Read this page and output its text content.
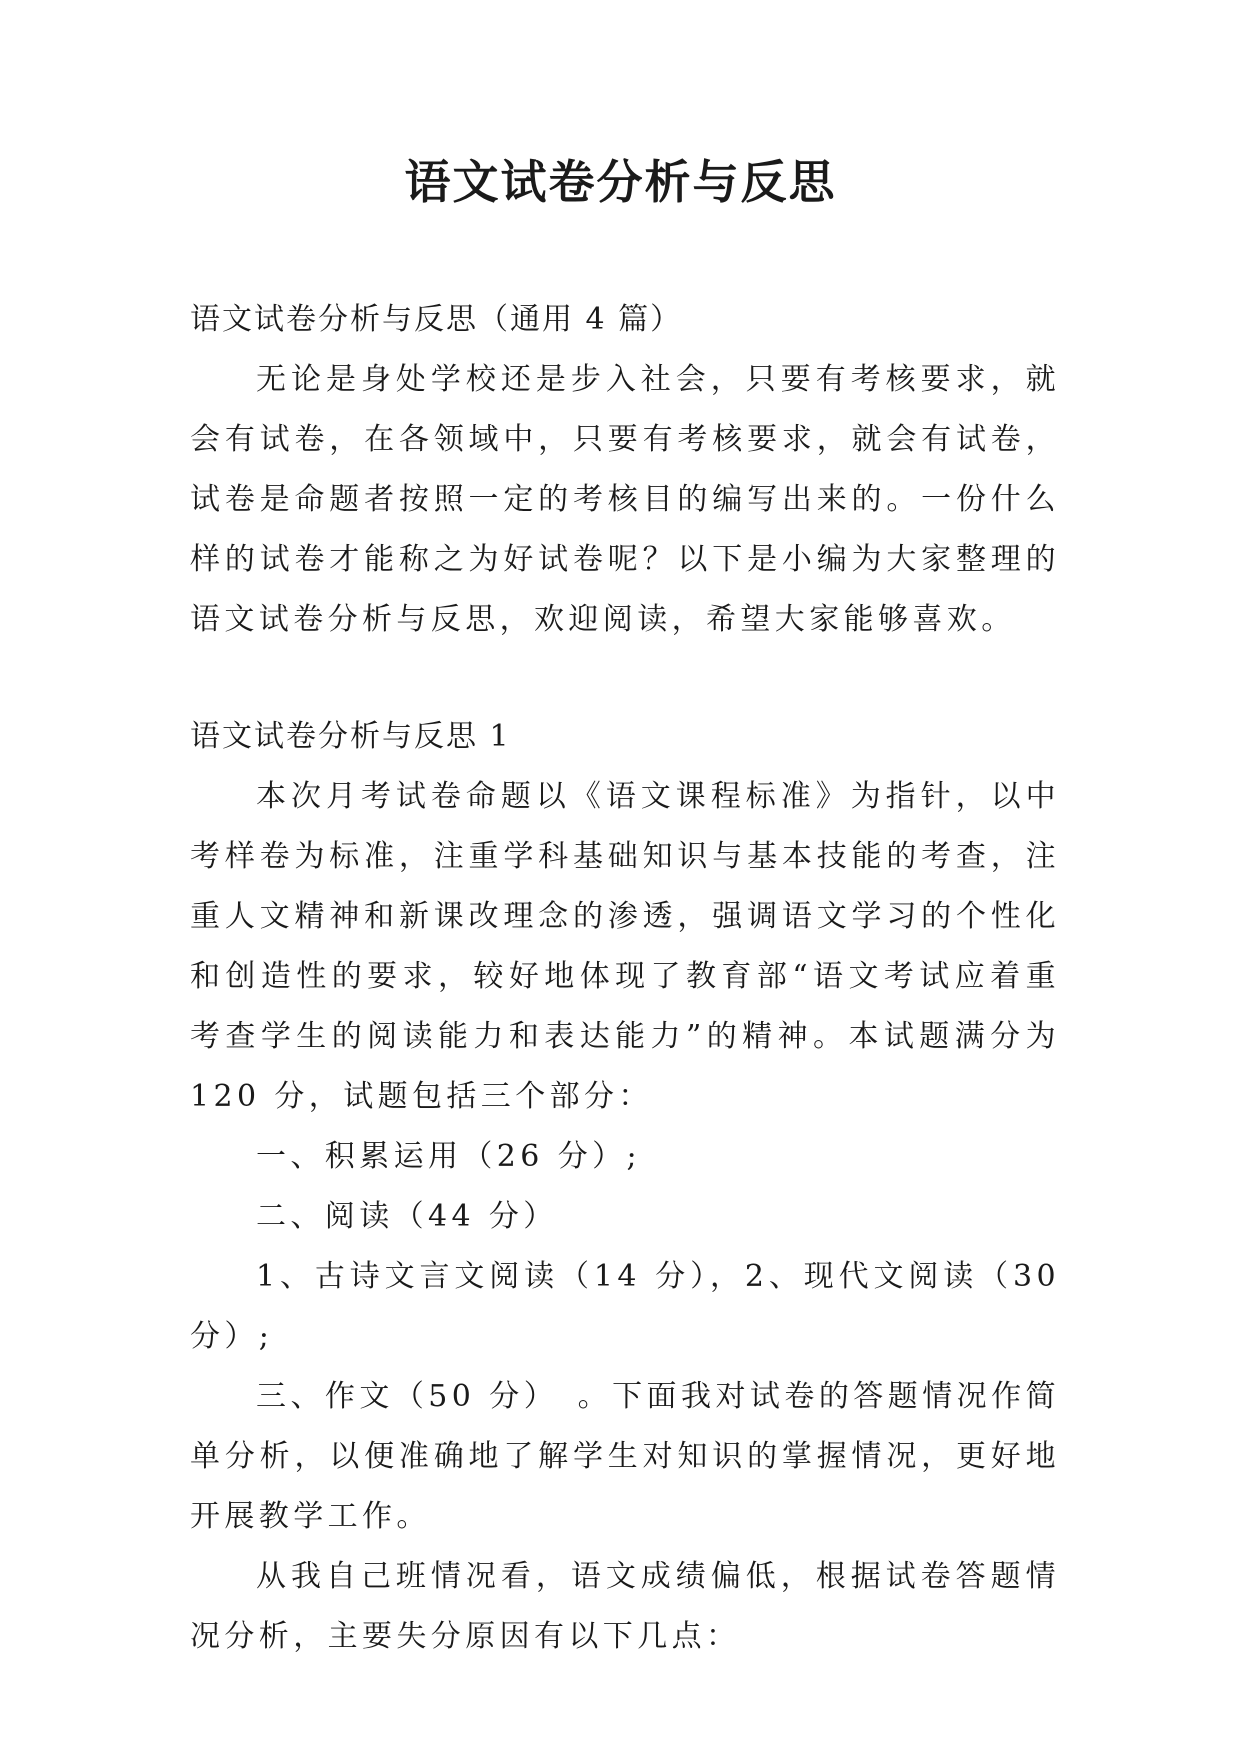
语文试卷分析与反思

语文试卷分析与反思（通用 4 篇）

无论是身处学校还是步入社会，只要有考核要求，就会有试卷，在各领域中，只要有考核要求，就会有试卷，试卷是命题者按照一定的考核目的编写出来的。一份什么样的试卷才能称之为好试卷呢？以下是小编为大家整理的语文试卷分析与反思，欢迎阅读，希望大家能够喜欢。

语文试卷分析与反思 1

本次月考试卷命题以《语文课程标准》为指针，以中考样卷为标准，注重学科基础知识与基本技能的考查，注重人文精神和新课改理念的渗透，强调语文学习的个性化和创造性的要求，较好地体现了教育部“语文考试应着重考查学生的阅读能力和表达能力”的精神。本试题满分为 120 分，试题包括三个部分：

一、积累运用（26 分）;

二、阅读（44 分）

1、古诗文言文阅读（14 分），2、现代文阅读（30 分）;

三、作文（50 分）　。下面我对试卷的答题情况作简单分析，以便准确地了解学生对知识的掌握情况，更好地开展教学工作。

从我自己班情况看，语文成绩偏低，根据试卷答题情况分析，主要失分原因有以下几点：
